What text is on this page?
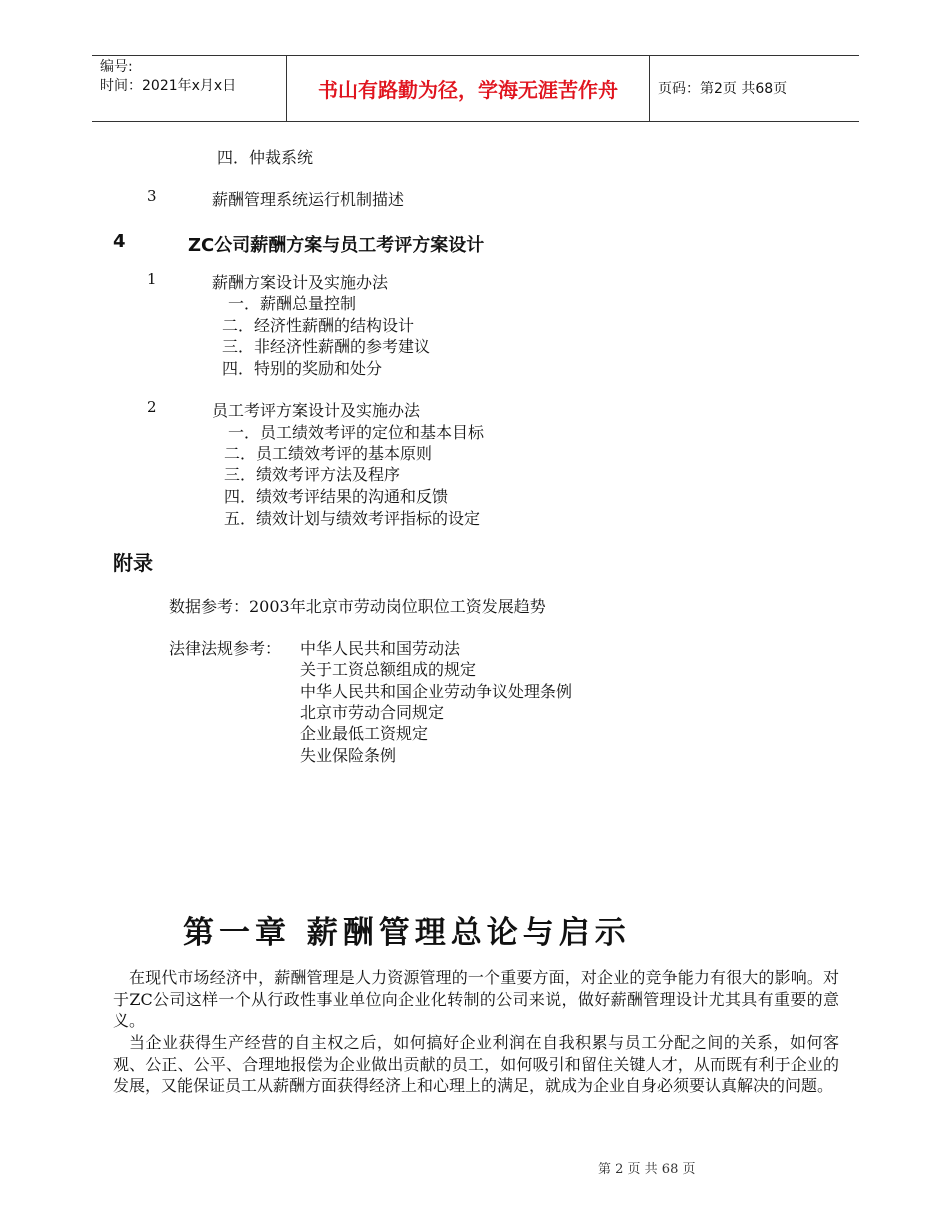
编号:
时间：2021年x月x日	书山有路勤为径，学海无涯苦作舟	页码：第2页 共68页
四．仲裁系统
3	薪酬管理系统运行机制描述
4	ZC公司薪酬方案与员工考评方案设计
1	薪酬方案设计及实施办法
一．薪酬总量控制
二．经济性薪酬的结构设计
三．非经济性薪酬的参考建议
四．特别的奖励和处分
2	员工考评方案设计及实施办法
一．员工绩效考评的定位和基本目标
二．员工绩效考评的基本原则
三．绩效考评方法及程序
四．绩效考评结果的沟通和反馈
五．绩效计划与绩效考评指标的设定
附录
数据参考：2003年北京市劳动岗位职位工资发展趋势
法律法规参考： 中华人民共和国劳动法
关于工资总额组成的规定
中华人民共和国企业劳动争议处理条例
北京市劳动合同规定
企业最低工资规定
失业保险条例
第一章 薪酬管理总论与启示

在现代市场经济中，薪酬管理是人力资源管理的一个重要方面，对企业的竞争能力有很大的影响。对于ZC公司这样一个从行政性事业单位向企业化转制的公司来说，做好薪酬管理设计尤其具有重要的意义。

当企业获得生产经营的自主权之后，如何搞好企业利润在自我积累与员工分配之间的关系，如何客观、公正、公平、合理地报偿为企业做出贡献的员工，如何吸引和留住关键人才，从而既有利于企业的发展，又能保证员工从薪酬方面获得经济上和心理上的满足，就成为企业自身必须要认真解决的问题。

第 2 页 共 68 页
